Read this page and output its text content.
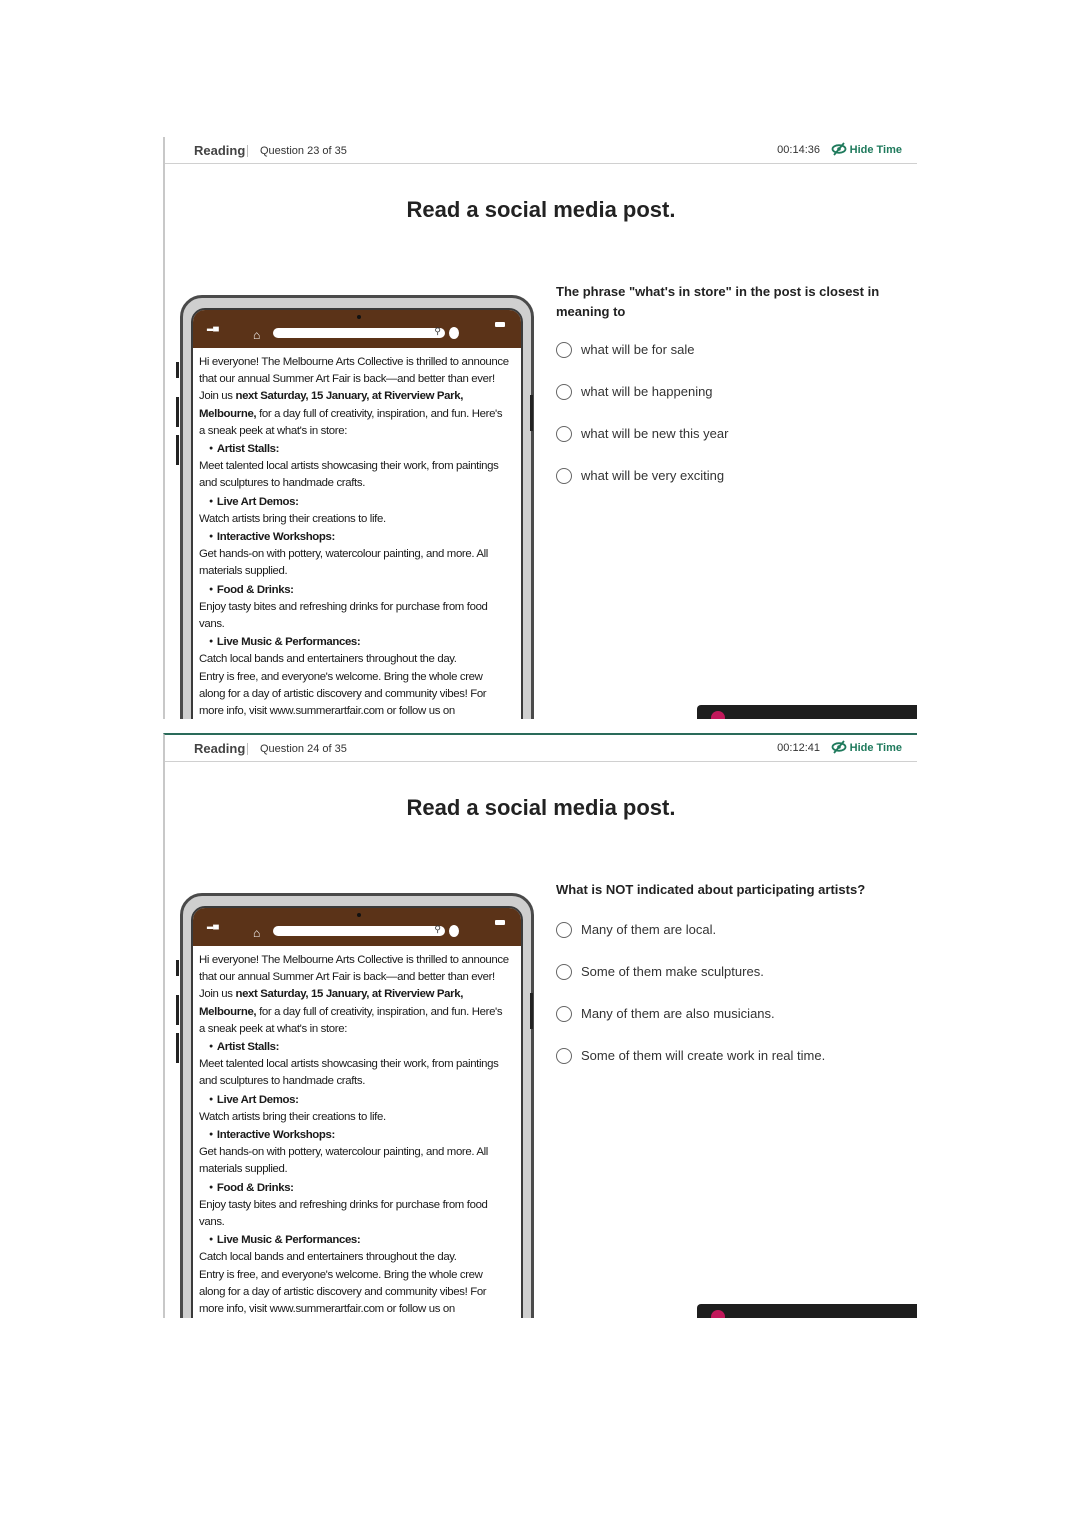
Reading Question 23 of 35	00:14:36	Hide Time
Read a social media post.
▂▄
⌂	⚲

Hi everyone! The Melbourne Arts Collective is thrilled to announce that our annual Summer Art Fair is back—and better than ever!

Join us next Saturday, 15 January, at Riverview Park, Melbourne, for a day full of creativity, inspiration, and fun. Here's a sneak peek at what's in store:

● Artist Stalls:

Meet talented local artists showcasing their work, from paintings and sculptures to handmade crafts.

● Live Art Demos:

Watch artists bring their creations to life.

● Interactive Workshops:

Get hands-on with pottery, watercolour painting, and more. All materials supplied.

● Food & Drinks:

Enjoy tasty bites and refreshing drinks for purchase from food vans.

● Live Music & Performances:

Catch local bands and entertainers throughout the day.

Entry is free, and everyone's welcome. Bring the whole crew along for a day of artistic discovery and community vibes! For more info, visit www.summerartfair.com or follow us on

The phrase "what's in store" in the post is closest in meaning to
what will be for sale
what will be happening
what will be new this year
what will be very exciting
Reading Question 24 of 35	00:12:41	Hide Time
Read a social media post.
▂▄
⌂	⚲

Hi everyone! The Melbourne Arts Collective is thrilled to announce that our annual Summer Art Fair is back—and better than ever!

Join us next Saturday, 15 January, at Riverview Park, Melbourne, for a day full of creativity, inspiration, and fun. Here's a sneak peek at what's in store:

● Artist Stalls:

Meet talented local artists showcasing their work, from paintings and sculptures to handmade crafts.

● Live Art Demos:

Watch artists bring their creations to life.

● Interactive Workshops:

Get hands-on with pottery, watercolour painting, and more. All materials supplied.

● Food & Drinks:

Enjoy tasty bites and refreshing drinks for purchase from food vans.

● Live Music & Performances:

Catch local bands and entertainers throughout the day.

Entry is free, and everyone's welcome. Bring the whole crew along for a day of artistic discovery and community vibes! For more info, visit www.summerartfair.com or follow us on

What is NOT indicated about participating artists?
Many of them are local.
Some of them make sculptures.
Many of them are also musicians.
Some of them will create work in real time.
